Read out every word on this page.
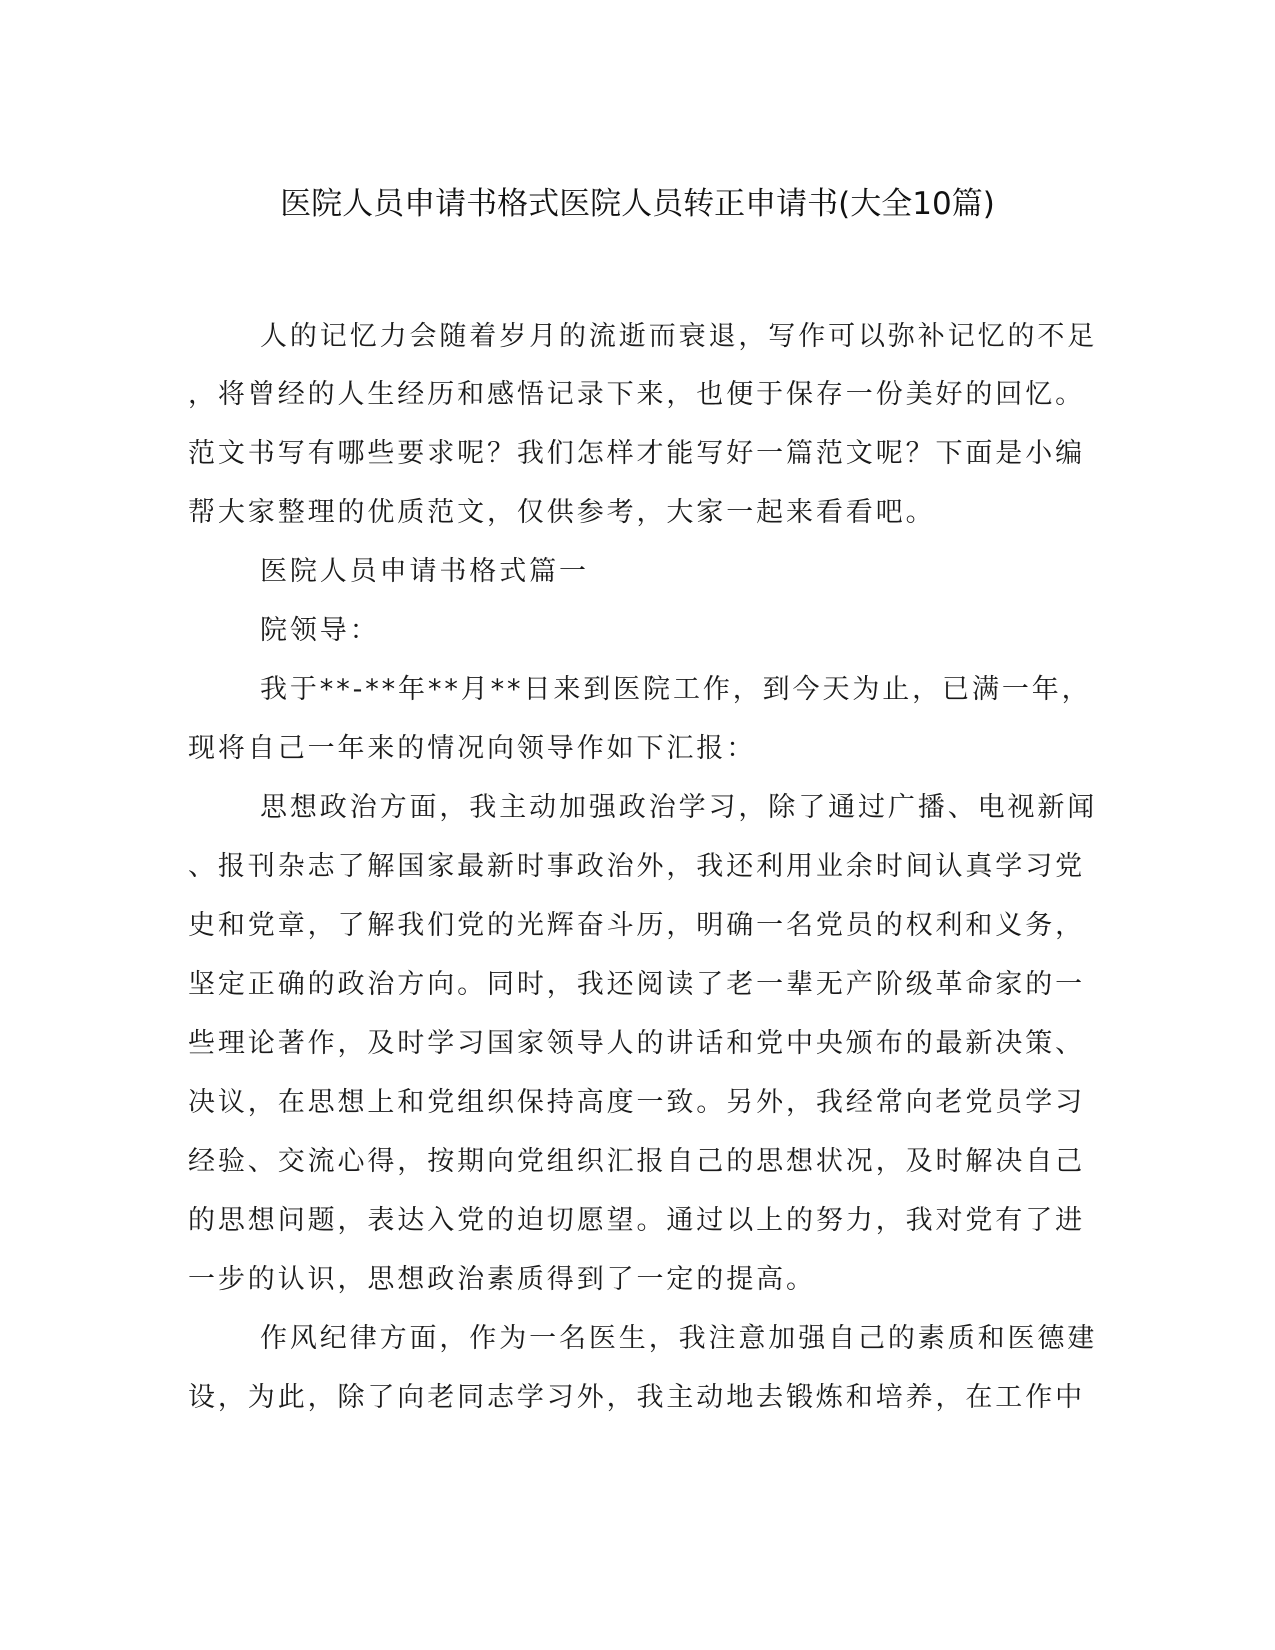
医院人员申请书格式医院人员转正申请书(大全10篇)
人的记忆力会随着岁月的流逝而衰退，写作可以弥补记忆的不足
，将曾经的人生经历和感悟记录下来，也便于保存一份美好的回忆。
范文书写有哪些要求呢？我们怎样才能写好一篇范文呢？下面是小编
帮大家整理的优质范文，仅供参考，大家一起来看看吧。
医院人员申请书格式篇一
院领导：
我于**-**年**月**日来到医院工作，到今天为止，已满一年，
现将自己一年来的情况向领导作如下汇报：
思想政治方面，我主动加强政治学习，除了通过广播、电视新闻
、报刊杂志了解国家最新时事政治外，我还利用业余时间认真学习党
史和党章，了解我们党的光辉奋斗历，明确一名党员的权利和义务，
坚定正确的政治方向。同时，我还阅读了老一辈无产阶级革命家的一
些理论著作，及时学习国家领导人的讲话和党中央颁布的最新决策、
决议，在思想上和党组织保持高度一致。另外，我经常向老党员学习
经验、交流心得，按期向党组织汇报自己的思想状况，及时解决自己
的思想问题，表达入党的迫切愿望。通过以上的努力，我对党有了进
一步的认识，思想政治素质得到了一定的提高。
作风纪律方面，作为一名医生，我注意加强自己的素质和医德建
设，为此，除了向老同志学习外，我主动地去锻炼和培养，在工作中
